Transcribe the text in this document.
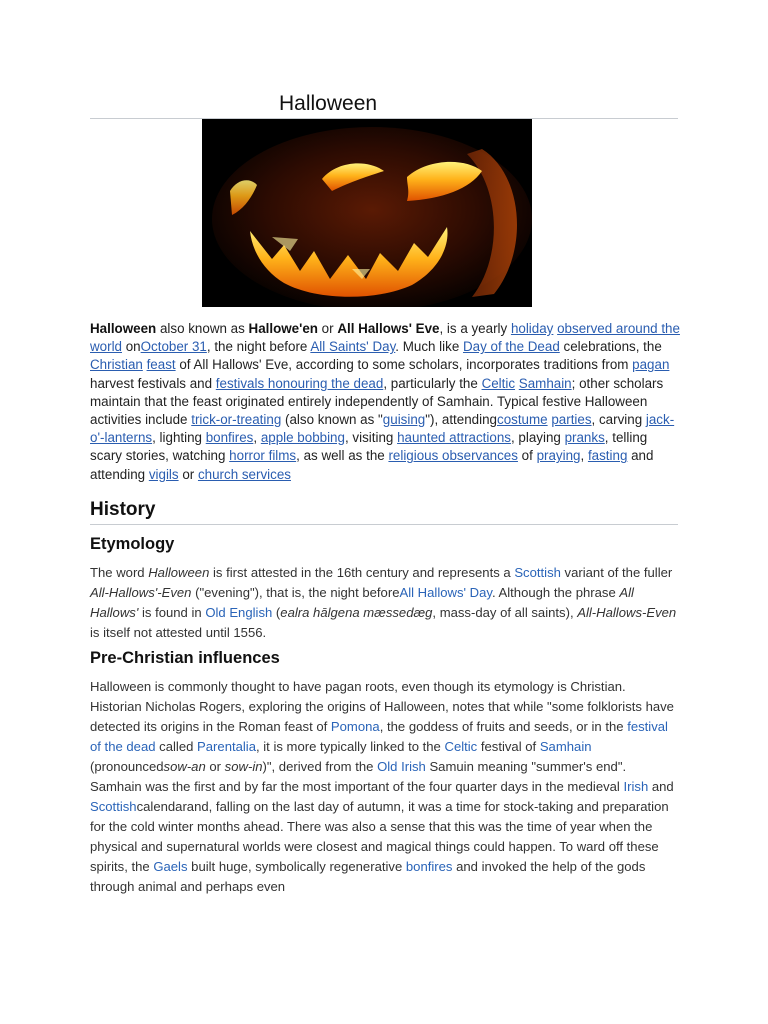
Halloween

Halloween also known as Hallowe'en or All Hallows' Eve, is a yearly holiday observed around the world onOctober 31, the night before All Saints' Day. Much like Day of the Dead celebrations, the Christian feast of All Hallows' Eve, according to some scholars, incorporates traditions from pagan harvest festivals and festivals honouring the dead, particularly the Celtic Samhain; other scholars maintain that the feast originated entirely independently of Samhain. Typical festive Halloween activities include trick-or-treating (also known as "guising"), attendingcostume parties, carving jack-o'-lanterns, lighting bonfires, apple bobbing, visiting haunted attractions, playing pranks, telling scary stories, watching horror films, as well as the religious observances of praying, fasting and attending vigils or church services

History
Etymology

The word Halloween is first attested in the 16th century and represents a Scottish variant of the fuller All-Hallows'-Even ("evening"), that is, the night beforeAll Hallows' Day. Although the phrase All Hallows' is found in Old English (ealra hālgena mæssedæg, mass-day of all saints), All-Hallows-Even is itself not attested until 1556.

Pre-Christian influences

Halloween is commonly thought to have pagan roots, even though its etymology is Christian. Historian Nicholas Rogers, exploring the origins of Halloween, notes that while "some folklorists have detected its origins in the Roman feast of Pomona, the goddess of fruits and seeds, or in the festival of the dead called Parentalia, it is more typically linked to the Celtic festival of Samhain (pronouncedsow-an or sow-in)", derived from the Old Irish Samuin meaning "summer's end". Samhain was the first and by far the most important of the four quarter days in the medieval Irish and Scottishcalendarand, falling on the last day of autumn, it was a time for stock-taking and preparation for the cold winter months ahead. There was also a sense that this was the time of year when the physical and supernatural worlds were closest and magical things could happen. To ward off these spirits, the Gaels built huge, symbolically regenerative bonfires and invoked the help of the gods through animal and perhaps even
